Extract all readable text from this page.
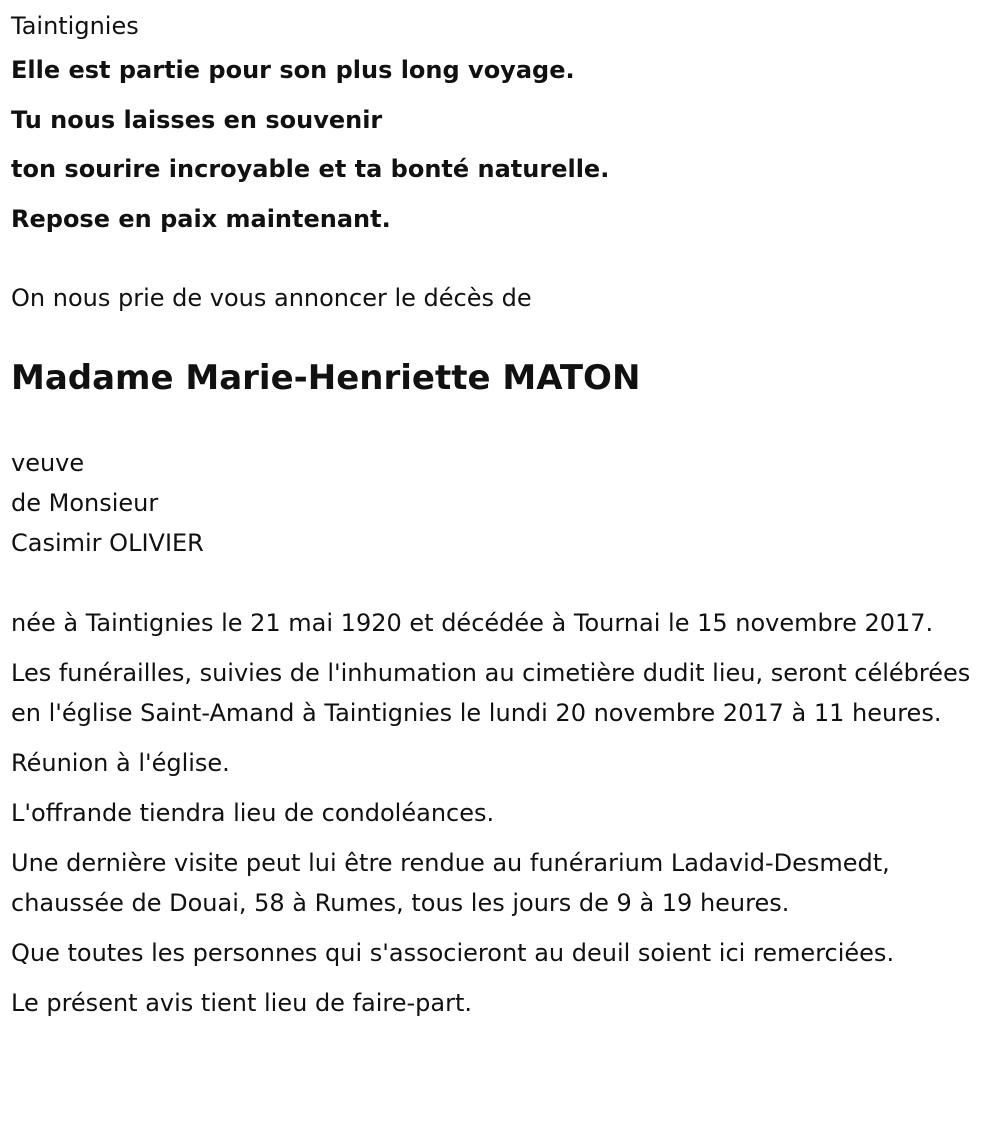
Taintignies
Elle est partie pour son plus long voyage.
Tu nous laisses en souvenir
ton sourire incroyable et ta bonté naturelle.
Repose en paix maintenant.
On nous prie de vous annoncer le décès de
Madame Marie-Henriette MATON
veuve
de Monsieur
Casimir OLIVIER
née à Taintignies le 21 mai 1920 et décédée à Tournai le 15 novembre 2017.
Les funérailles, suivies de l'inhumation au cimetière dudit lieu, seront célébrées en l'église Saint-Amand à Taintignies le lundi 20 novembre 2017 à 11 heures.
Réunion à l'église.
L'offrande tiendra lieu de condoléances.
Une dernière visite peut lui être rendue au funérarium Ladavid-Desmedt, chaussée de Douai, 58 à Rumes, tous les jours de 9 à 19 heures.
Que toutes les personnes qui s'associeront au deuil soient ici remerciées.
Le présent avis tient lieu de faire-part.
